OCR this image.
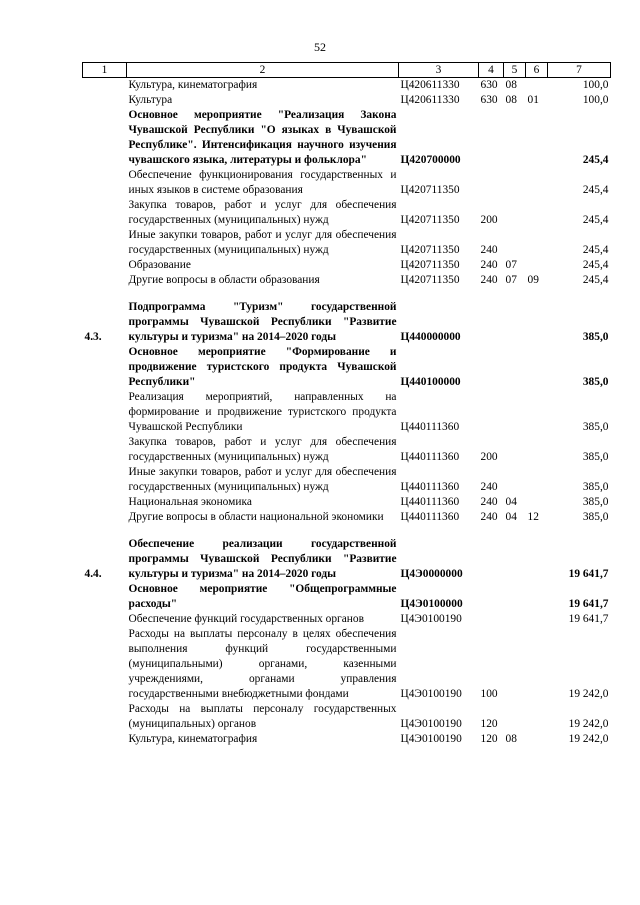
52
1	2	3	4	5	6	7
	Культура, кинематография	Ц420611330	630	08		100,0
	Культура	Ц420611330	630	08	01	100,0
	Основное мероприятие "Реализация Закона Чувашской Республики "О языках в Чувашской Республике". Интенсификация научного изучения чувашского языка, литературы и фольклора"	Ц420700000				245,4
	Обеспечение функционирования государственных и иных языков в системе образования	Ц420711350				245,4
	Закупка товаров, работ и услуг для обеспечения государственных (муниципальных) нужд	Ц420711350	200			245,4
	Иные закупки товаров, работ и услуг для обеспечения государственных (муниципальных) нужд	Ц420711350	240			245,4
	Образование	Ц420711350	240	07		245,4
	Другие вопросы в области образования	Ц420711350	240	07	09	245,4

4.3.	Подпрограмма "Туризм" государственной программы Чувашской Республики "Развитие культуры и туризма" на 2014–2020 годы	Ц440000000				385,0
	Основное мероприятие "Формирование и продвижение туристского продукта Чувашской Республики"	Ц440100000				385,0
	Реализация мероприятий, направленных на формирование и продвижение туристского продукта Чувашской Республики	Ц440111360				385,0
	Закупка товаров, работ и услуг для обеспечения государственных (муниципальных) нужд	Ц440111360	200			385,0
	Иные закупки товаров, работ и услуг для обеспечения государственных (муниципальных) нужд	Ц440111360	240			385,0
	Национальная экономика	Ц440111360	240	04		385,0
	Другие вопросы в области национальной экономики	Ц440111360	240	04	12	385,0

4.4.	Обеспечение реализации государственной программы Чувашской Республики "Развитие культуры и туризма" на 2014–2020 годы	Ц4Э0000000				19 641,7
	Основное мероприятие "Общепрограммные расходы"	Ц4Э0100000				19 641,7
	Обеспечение функций государственных органов	Ц4Э0100190				19 641,7
	Расходы на выплаты персоналу в целях обеспечения выполнения функций государственными (муниципальными) органами, казенными учреждениями, органами управления государственными внебюджетными фондами	Ц4Э0100190	100			19 242,0
	Расходы на выплаты персоналу государственных (муниципальных) органов	Ц4Э0100190	120			19 242,0
	Культура, кинематография	Ц4Э0100190	120	08		19 242,0
